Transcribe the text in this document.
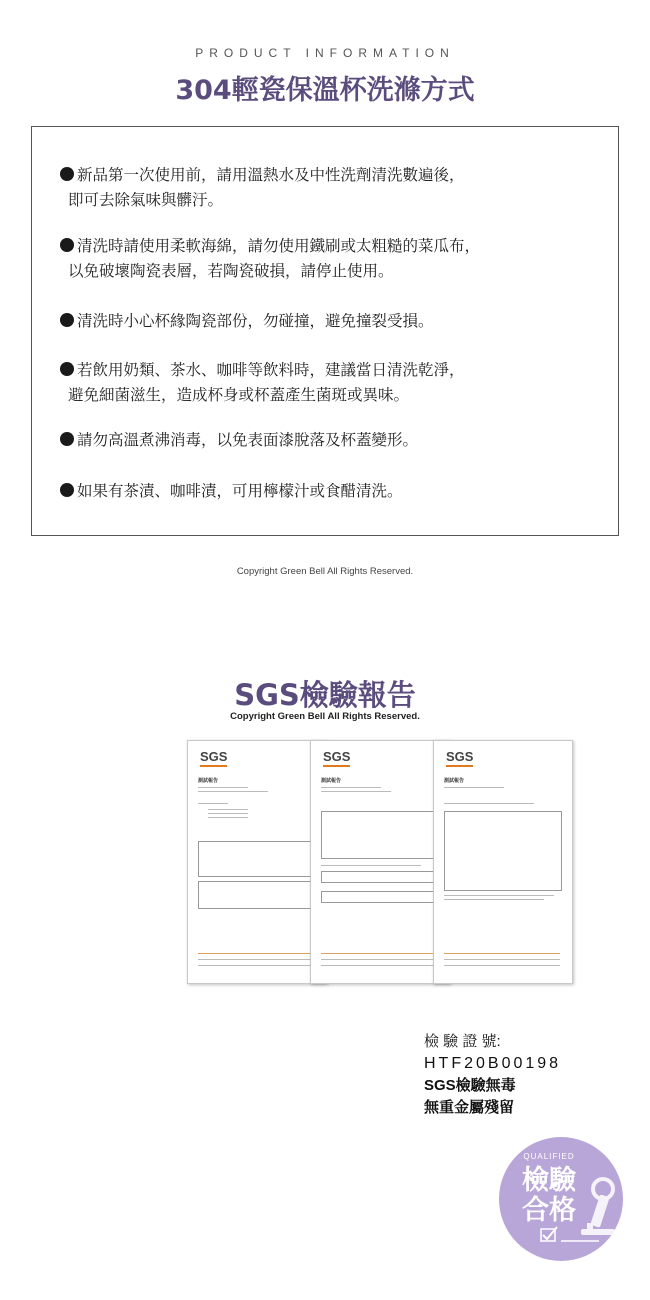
PRODUCT INFORMATION
304輕瓷保溫杯洗滌方式
新品第一次使用前，請用溫熱水及中性洗劑清洗數遍後，
即可去除氣味與髒汙。
清洗時請使用柔軟海綿，請勿使用鐵刷或太粗糙的菜瓜布，
以免破壞陶瓷表層，若陶瓷破損，請停止使用。
清洗時小心杯緣陶瓷部份，勿碰撞，避免撞裂受損。
若飲用奶類、茶水、咖啡等飲料時，建議當日清洗乾淨，
避免細菌滋生，造成杯身或杯蓋產生菌斑或異味。
請勿高溫煮沸消毒，以免表面漆脫落及杯蓋變形。
如果有茶漬、咖啡漬，可用檸檬汁或食醋清洗。
Copyright Green Bell All Rights Reserved.
SGS檢驗報告
Copyright Green Bell All Rights Reserved.
SGS
測試報告
SGS
測試報告
SGS
測試報告
檢 驗 證 號:
HTF20B00198
SGS檢驗無毒
無重金屬殘留
QUALIFIED
檢驗
合格
